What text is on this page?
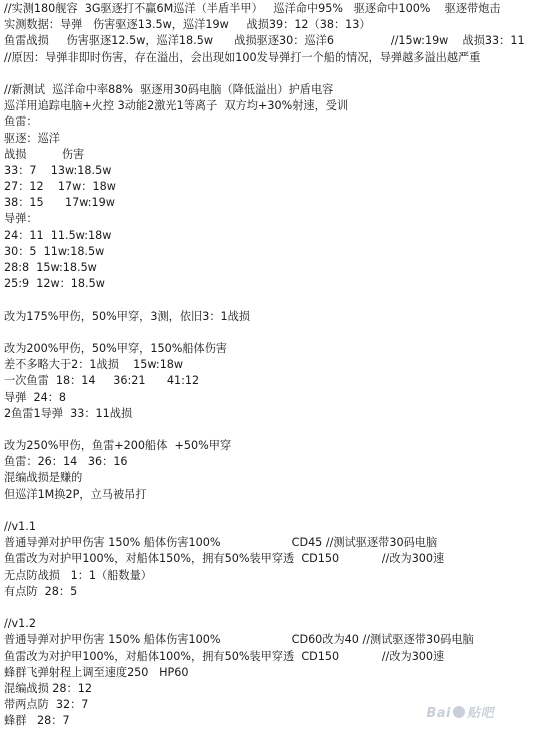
//实测180舰容  3G驱逐打不赢6M巡洋（半盾半甲）   巡洋命中95%   驱逐命中100%    驱逐带炮击
实测数据：导弹   伤害驱逐13.5w，巡洋19w     战损39：12（38：13）
鱼雷战损     伤害驱逐12.5w，巡洋18.5w      战损驱逐30：巡洋6                //15w:19w    战损33：11
//原因：导弹非即时伤害，存在溢出，会出现如100发导弹打一个船的情况，导弹越多溢出越严重
//新测试  巡洋命中率88%  驱逐用30码电脑（降低溢出）护盾电容
巡洋用追踪电脑+火控 3动能2激光1等离子  双方均+30%射速，受训
鱼雷：
驱逐：巡洋
战损          伤害
33：7    13w:18.5w
27：12    17w：18w
38：15      17w:19w
导弹：
24：11  11.5w:18w
30：5  11w:18.5w
28:8  15w:18.5w
25:9  12w：18.5w
改为175%甲伤，50%甲穿，3测，依旧3：1战损
改为200%甲伤，50%甲穿，150%船体伤害
差不多略大于2：1战损    15w:18w
一次鱼雷  18：14     36:21      41:12
导弹  24：8
2鱼雷1导弹  33：11战损
改为250%甲伤，鱼雷+200船体  +50%甲穿
鱼雷：26：14   36：16
混编战损是赚的
但巡洋1M换2P，立马被吊打
//v1.1
普通导弹对护甲伤害 150% 船体伤害100%                    CD45 //测试驱逐带30码电脑
鱼雷改为对护甲100%，对船体150%，拥有50%装甲穿透  CD150            //改为300速
无点防战损   1：1（船数量）
有点防  28：5
//v1.2
普通导弹对护甲伤害 150% 船体伤害100%                    CD60改为40 //测试驱逐带30码电脑
鱼雷改为对护甲100%，对船体100%，拥有50%装甲穿透  CD150            //改为300速
蜂群飞弹射程上调至速度250   HP60
混编战损 28：12
带两点防  32：7
蜂群   28：7	Bai 贴吧
